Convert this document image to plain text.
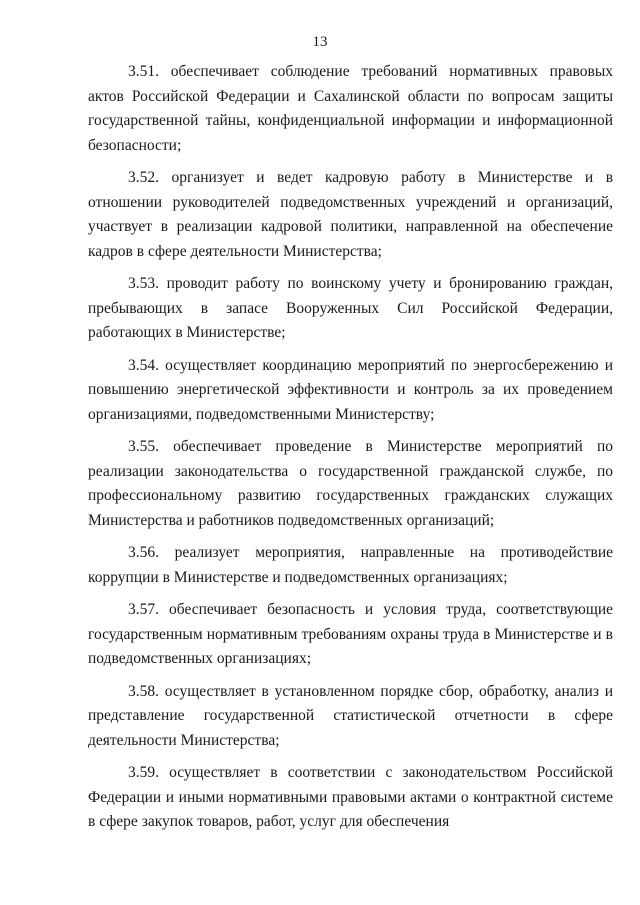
13

3.51. обеспечивает соблюдение требований нормативных правовых актов Российской Федерации и Сахалинской области по вопросам защиты государственной тайны, конфиденциальной информации и информационной безопасности;

3.52. организует и ведет кадровую работу в Министерстве и в отношении руководителей подведомственных учреждений и организаций, участвует в реализации кадровой политики, направленной на обеспечение кадров в сфере деятельности Министерства;

3.53. проводит работу по воинскому учету и бронированию граждан, пребывающих в запасе Вооруженных Сил Российской Федерации, работающих в Министерстве;

3.54. осуществляет координацию мероприятий по энергосбережению и повышению энергетической эффективности и контроль за их проведением организациями, подведомственными Министерству;

3.55. обеспечивает проведение в Министерстве мероприятий по реализации законодательства о государственной гражданской службе, по профессиональному развитию государственных гражданских служащих Министерства и работников подведомственных организаций;

3.56. реализует мероприятия, направленные на противодействие коррупции в Министерстве и подведомственных организациях;

3.57. обеспечивает безопасность и условия труда, соответствующие государственным нормативным требованиям охраны труда в Министерстве и в подведомственных организациях;

3.58. осуществляет в установленном порядке сбор, обработку, анализ и представление государственной статистической отчетности в сфере деятельности Министерства;

3.59. осуществляет в соответствии с законодательством Российской Федерации и иными нормативными правовыми актами о контрактной системе в сфере закупок товаров, работ, услуг для обеспечения
